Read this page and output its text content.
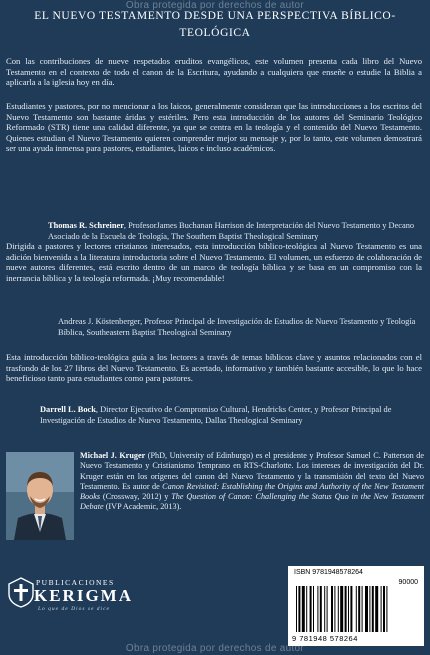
Obra protegida por derechos de autor
EL NUEVO TESTAMENTO DESDE UNA PERSPECTIVA BÍBLICO-TEOLÓGICA
Con las contribuciones de nueve respetados eruditos evangélicos, este volumen presenta cada libro del Nuevo Testamento en el contexto de todo el canon de la Escritura, ayudando a cualquiera que enseñe o estudie la Biblia a aplicarla a la iglesia hoy en día.
Estudiantes y pastores, por no mencionar a los laicos, generalmente consideran que las introducciones a los escritos del Nuevo Testamento son bastante áridas y estériles. Pero esta introducción de los autores del Seminario Teológico Reformado (STR) tiene una calidad diferente, ya que se centra en la teología y el contenido del Nuevo Testamento. Quienes estudian el Nuevo Testamento quieren comprender mejor su mensaje y, por lo tanto, este volumen demostrará ser una ayuda inmensa para pastores, estudiantes, laicos e incluso académicos.
Thomas R. Schreiner, ProfesorJames Buchanan Harrison de Interpretación del Nuevo Testamento y Decano Asociado de la Escuela de Teología, The Southern Baptist Theological Seminary
Dirigida a pastores y lectores cristianos interesados, esta introducción bíblico-teológica al Nuevo Testamento es una adición bienvenida a la literatura introductoria sobre el Nuevo Testamento. El volumen, un esfuerzo de colaboración de nueve autores diferentes, está escrito dentro de un marco de teología bíblica y se basa en un compromiso con la inerrancia bíblica y la teología reformada. ¡Muy recomendable!
Andreas J. Köstenberger, Profesor Principal de Investigación de Estudios de Nuevo Testamento y Teología Bíblica, Southeastern Baptist Theological Seminary
Esta introducción bíblico-teológica guía a los lectores a través de temas bíblicos clave y asuntos relacionados con el trasfondo de los 27 libros del Nuevo Testamento. Es acertado, informativo y también bastante accesible, lo que lo hace beneficioso tanto para estudiantes como para pastores.
Darrell L. Bock, Director Ejecutivo de Compromiso Cultural, Hendricks Center, y Profesor Principal de Investigación de Estudios de Nuevo Testamento, Dallas Theological Seminary
Michael J. Kruger (PhD, University of Edinburgo) es el presidente y Profesor Samuel C. Patterson de Nuevo Testamento y Cristianismo Temprano en RTS-Charlotte. Los intereses de investigación del Dr. Kruger están en los orígenes del canon del Nuevo Testamento y la transmisión del texto del Nuevo Testamento. Es autor de Canon Revisited: Establishing the Origins and Authority of the New Testament Books (Crossway, 2012) y The Question of Canon: Challenging the Status Quo in the New Testament Debate (IVP Academic, 2013).
PUBLICACIONES
KERIGMA
Lo que de Dios se dice
ISBN 9781948578264
90000
9 781948 578264
Obra protegida por derechos de autor
